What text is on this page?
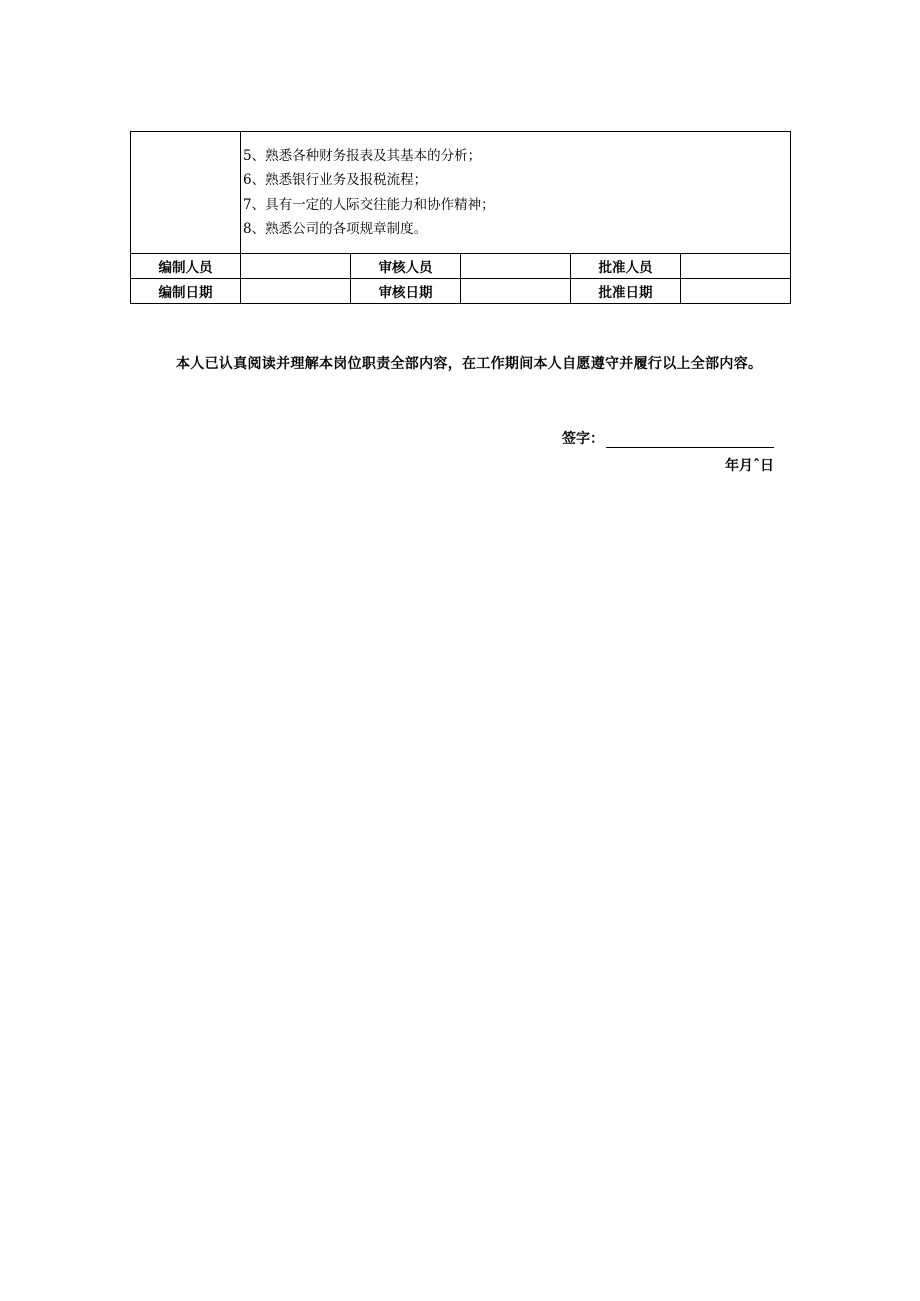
	5、熟悉各种财务报表及其基本的分析；
6、熟悉银行业务及报税流程；
7、具有一定的人际交往能力和协作精神；
8、熟悉公司的各项规章制度。				

编制人员		审核人员		批准人员	
编制日期		审核日期		批准日期	
本人已认真阅读并理解本岗位职责全部内容，在工作期间本人自愿遵守并履行以上全部内容。
签字：
年月ˆ日
